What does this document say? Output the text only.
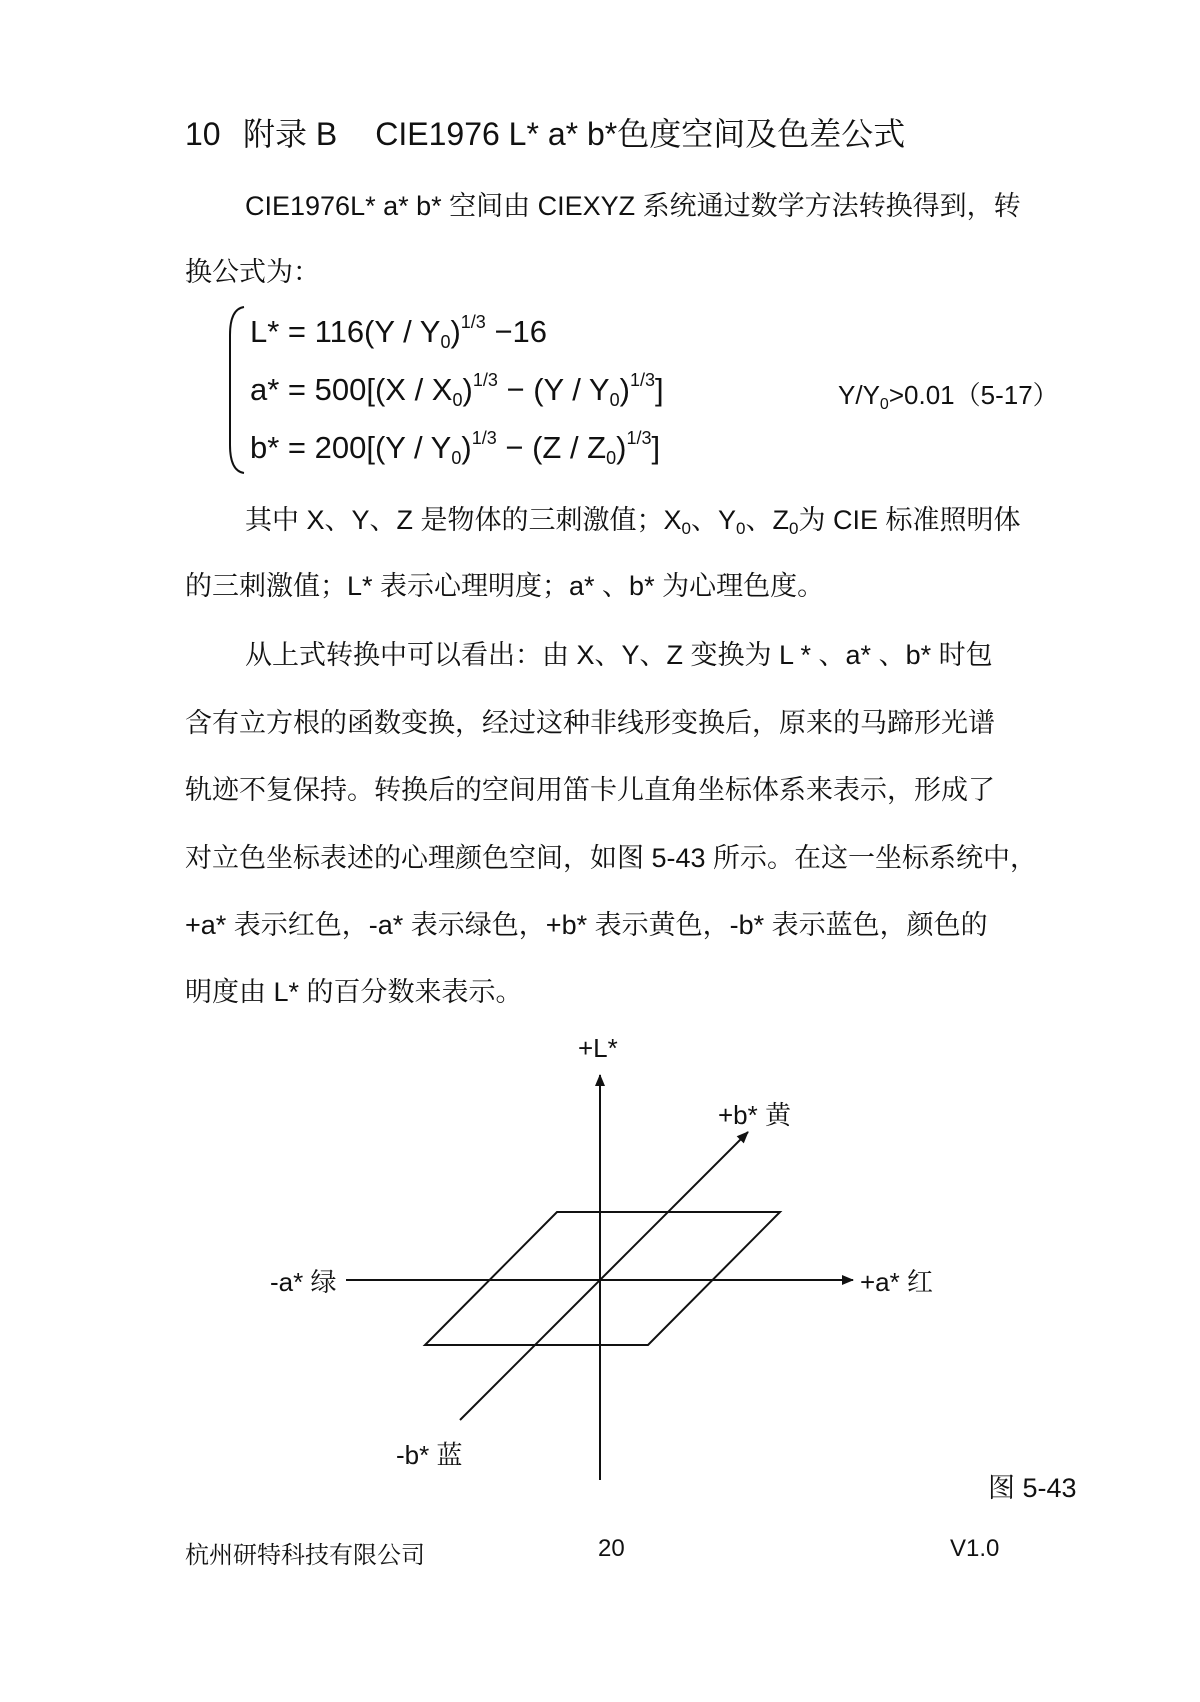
10 附录 B CIE1976 L* a* b*色度空间及色差公式
CIE1976L* a* b* 空间由 CIEXYZ 系统通过数学方法转换得到，转
换公式为：
$L* = 116(Y / Y_0)^{1/3} -16$
$a* = 500[(X / X_0)^{1/3} - (Y / Y_0)^{1/3}]$
$b* = 200[(Y / Y_0)^{1/3} - (Z / Z_0)^{1/3}]$
$Y/Y_0>0.01(5-17)$
其中 X、Y、Z 是物体的三刺激值；$X_0$、$Y_0$、$Z_0$为 CIE 标准照明体
的三刺激值；L* 表示心理明度；a* 、b* 为心理色度。
从上式转换中可以看出：由 X、Y、Z 变换为 L * 、a* 、b* 时包
含有立方根的函数变换，经过这种非线形变换后，原来的马蹄形光谱
轨迹不复保持。转换后的空间用笛卡儿直角坐标体系来表示，形成了
对立色坐标表述的心理颜色空间，如图 5-43 所示。在这一坐标系统中，
+a* 表示红色，-a* 表示绿色，+b* 表示黄色，-b* 表示蓝色，颜色的
明度由 L* 的百分数来表示。
+L*
+b* 黄
-a* 绿	+a* 红
-b* 蓝
图 5-43
杭州研特科技有限公司	20	V1.0
